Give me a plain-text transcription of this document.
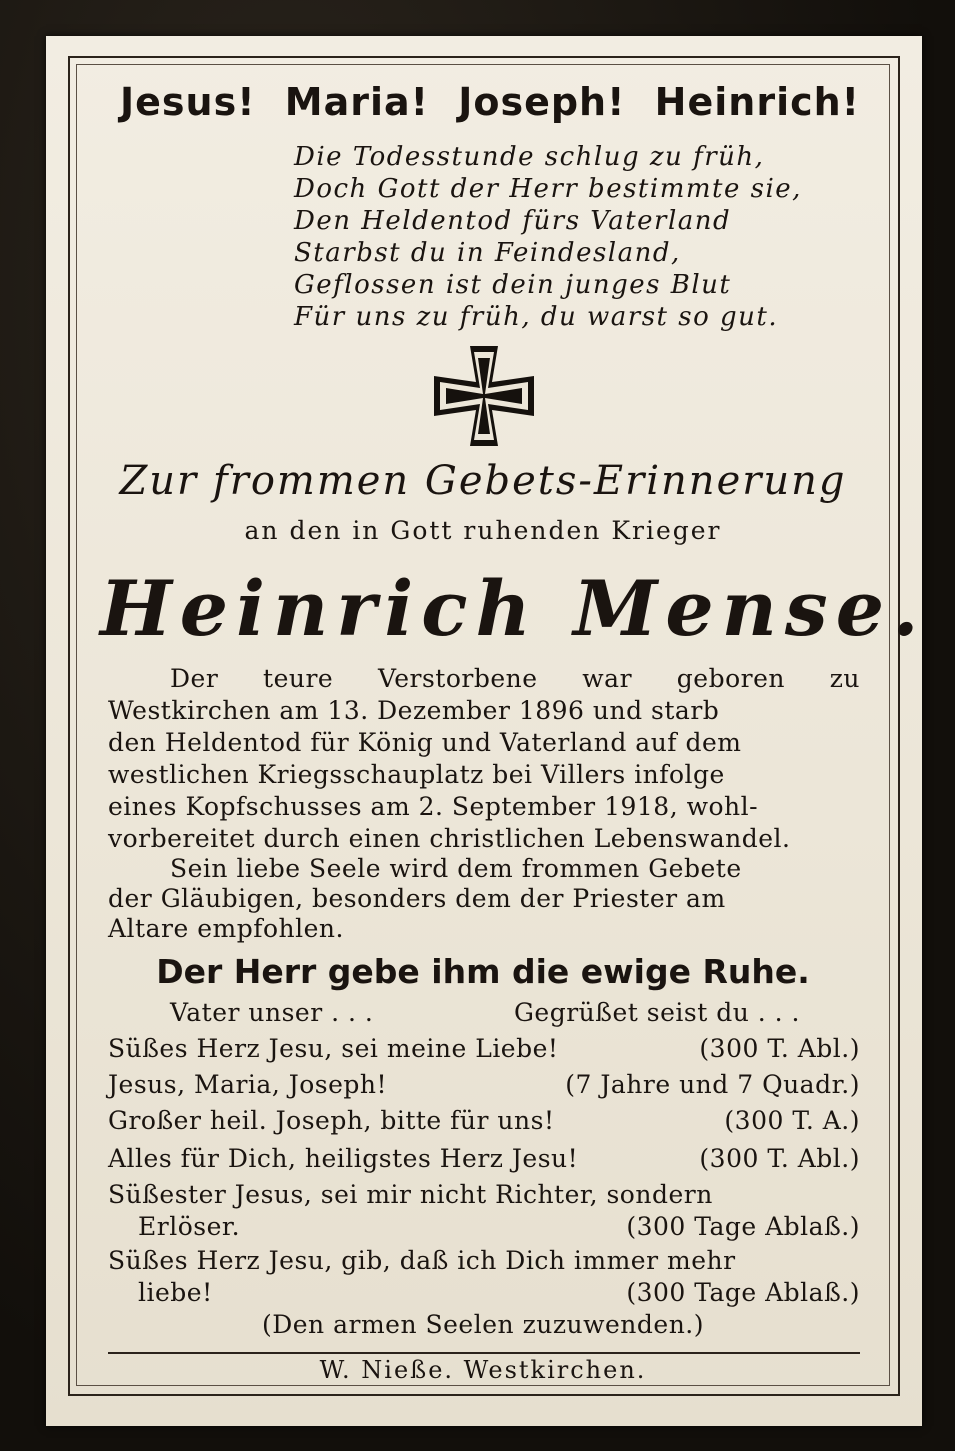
Jesus! Maria! Joseph! Heinrich!
Die Todesstunde schlug zu früh,
Doch Gott der Herr bestimmte sie,
Den Heldentod fürs Vaterland
Starbst du in Feindesland,
Geflossen ist dein junges Blut
Für uns zu früh, du warst so gut.
Zur frommen Gebets-Erinnerung
an den in Gott ruhenden Krieger
Heinrich Mense.
Der teure Verstorbene war geboren zu
Westkirchen am 13. Dezember 1896 und starb
den Heldentod für König und Vaterland auf dem
westlichen Kriegsschauplatz bei Villers infolge
eines Kopfschusses am 2. September 1918, wohl-
vorbereitet durch einen christlichen Lebenswandel.
Sein liebe Seele wird dem frommen Gebete
der Gläubigen, besonders dem der Priester am
Altare empfohlen.
Der Herr gebe ihm die ewige Ruhe.
Vater unser . . .	Gegrüßet seist du . . .
Süßes Herz Jesu, sei meine Liebe!	(300 T. Abl.)
Jesus, Maria, Joseph!	(7 Jahre und 7 Quadr.)
Großer heil. Joseph, bitte für uns!	(300 T. A.)
Alles für Dich, heiligstes Herz Jesu!	(300 T. Abl.)
Süßester Jesus, sei mir nicht Richter, sondern
Erlöser.	(300 Tage Ablaß.)
Süßes Herz Jesu, gib, daß ich Dich immer mehr
liebe!	(300 Tage Ablaß.)
(Den armen Seelen zuzuwenden.)
W. Nieße. Westkirchen.
